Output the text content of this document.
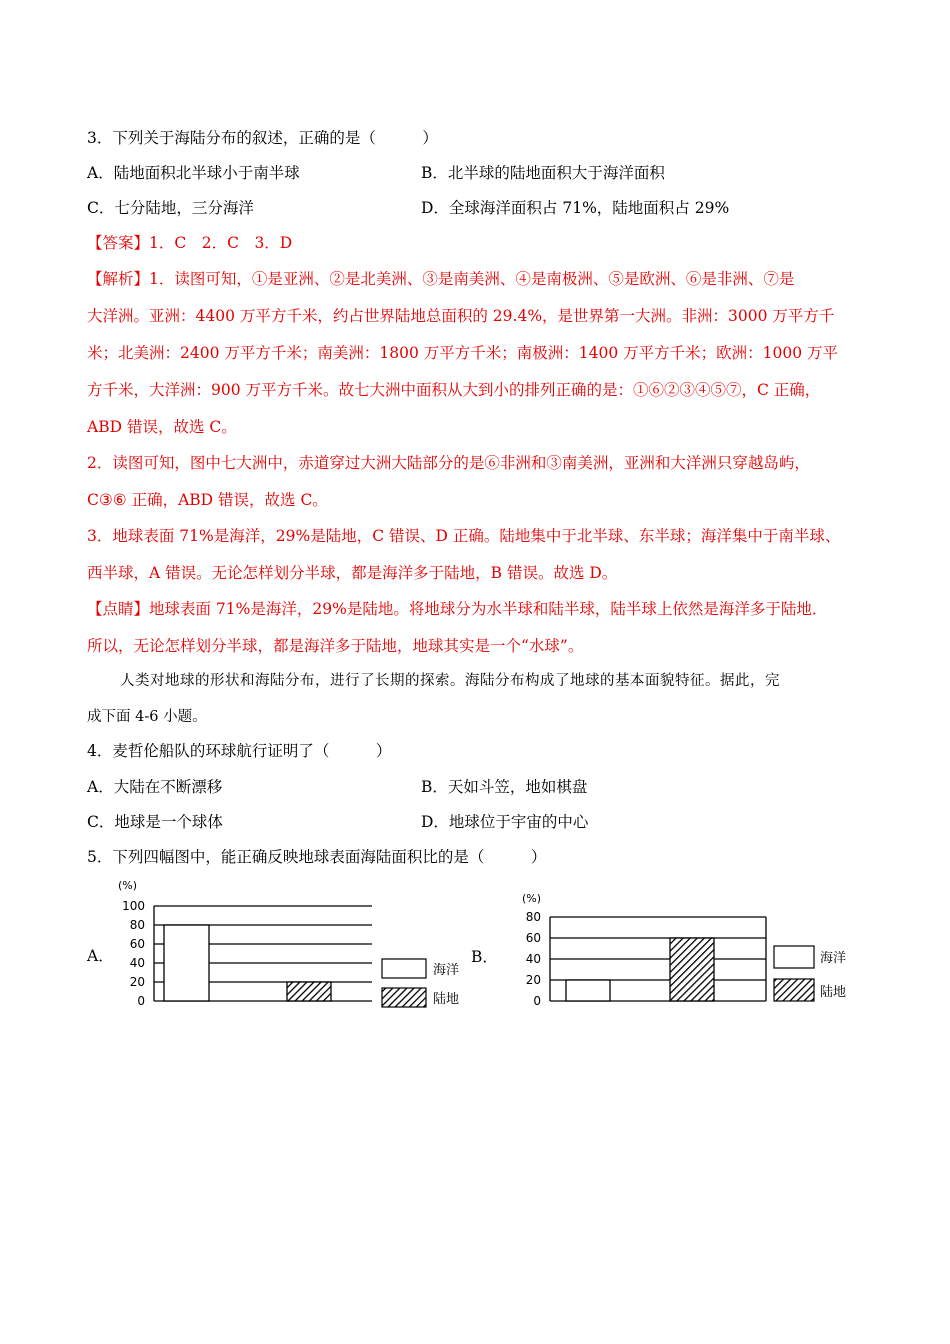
3．下列关于海陆分布的叙述，正确的是（　　　）
A．陆地面积北半球小于南半球	B．北半球的陆地面积大于海洋面积
C．七分陆地，三分海洋	D．全球海洋面积占 71%，陆地面积占 29%
【答案】1．C　2．C　3．D
【解析】1．读图可知，①是亚洲、②是北美洲、③是南美洲、④是南极洲、⑤是欧洲、⑥是非洲、⑦是
大洋洲。亚洲：4400 万平方千米，约占世界陆地总面积的 29.4%，是世界第一大洲。非洲：3000 万平方千
米；北美洲：2400 万平方千米；南美洲：1800 万平方千米；南极洲：1400 万平方千米；欧洲：1000 万平
方千米，大洋洲：900 万平方千米。故七大洲中面积从大到小的排列正确的是：①⑥②③④⑤⑦，C 正确，
ABD 错误，故选 C。
2．读图可知，图中七大洲中，赤道穿过大洲大陆部分的是⑥非洲和③南美洲，亚洲和大洋洲只穿越岛屿，
C③⑥ 正确，ABD 错误，故选 C。
3．地球表面 71%是海洋，29%是陆地，C 错误、D 正确。陆地集中于北半球、东半球；海洋集中于南半球、
西半球，A 错误。无论怎样划分半球，都是海洋多于陆地，B 错误。故选 D。
【点睛】地球表面 71%是海洋，29%是陆地。将地球分为水半球和陆半球，陆半球上依然是海洋多于陆地．
所以，无论怎样划分半球，都是海洋多于陆地，地球其实是一个“水球”。
人类对地球的形状和海陆分布，进行了长期的探索。海陆分布构成了地球的基本面貌特征。据此，完
成下面 4-6 小题。
4．麦哲伦船队的环球航行证明了（　　　）
A．大陆在不断漂移	B．天如斗笠，地如棋盘
C．地球是一个球体	D．地球位于宇宙的中心
5．下列四幅图中，能正确反映地球表面海陆面积比的是（　　　）
A．	B．
(%)
100
80
60
40
20
0
海洋
陆地
(%)
80
60
40
20
0
海洋
陆地
